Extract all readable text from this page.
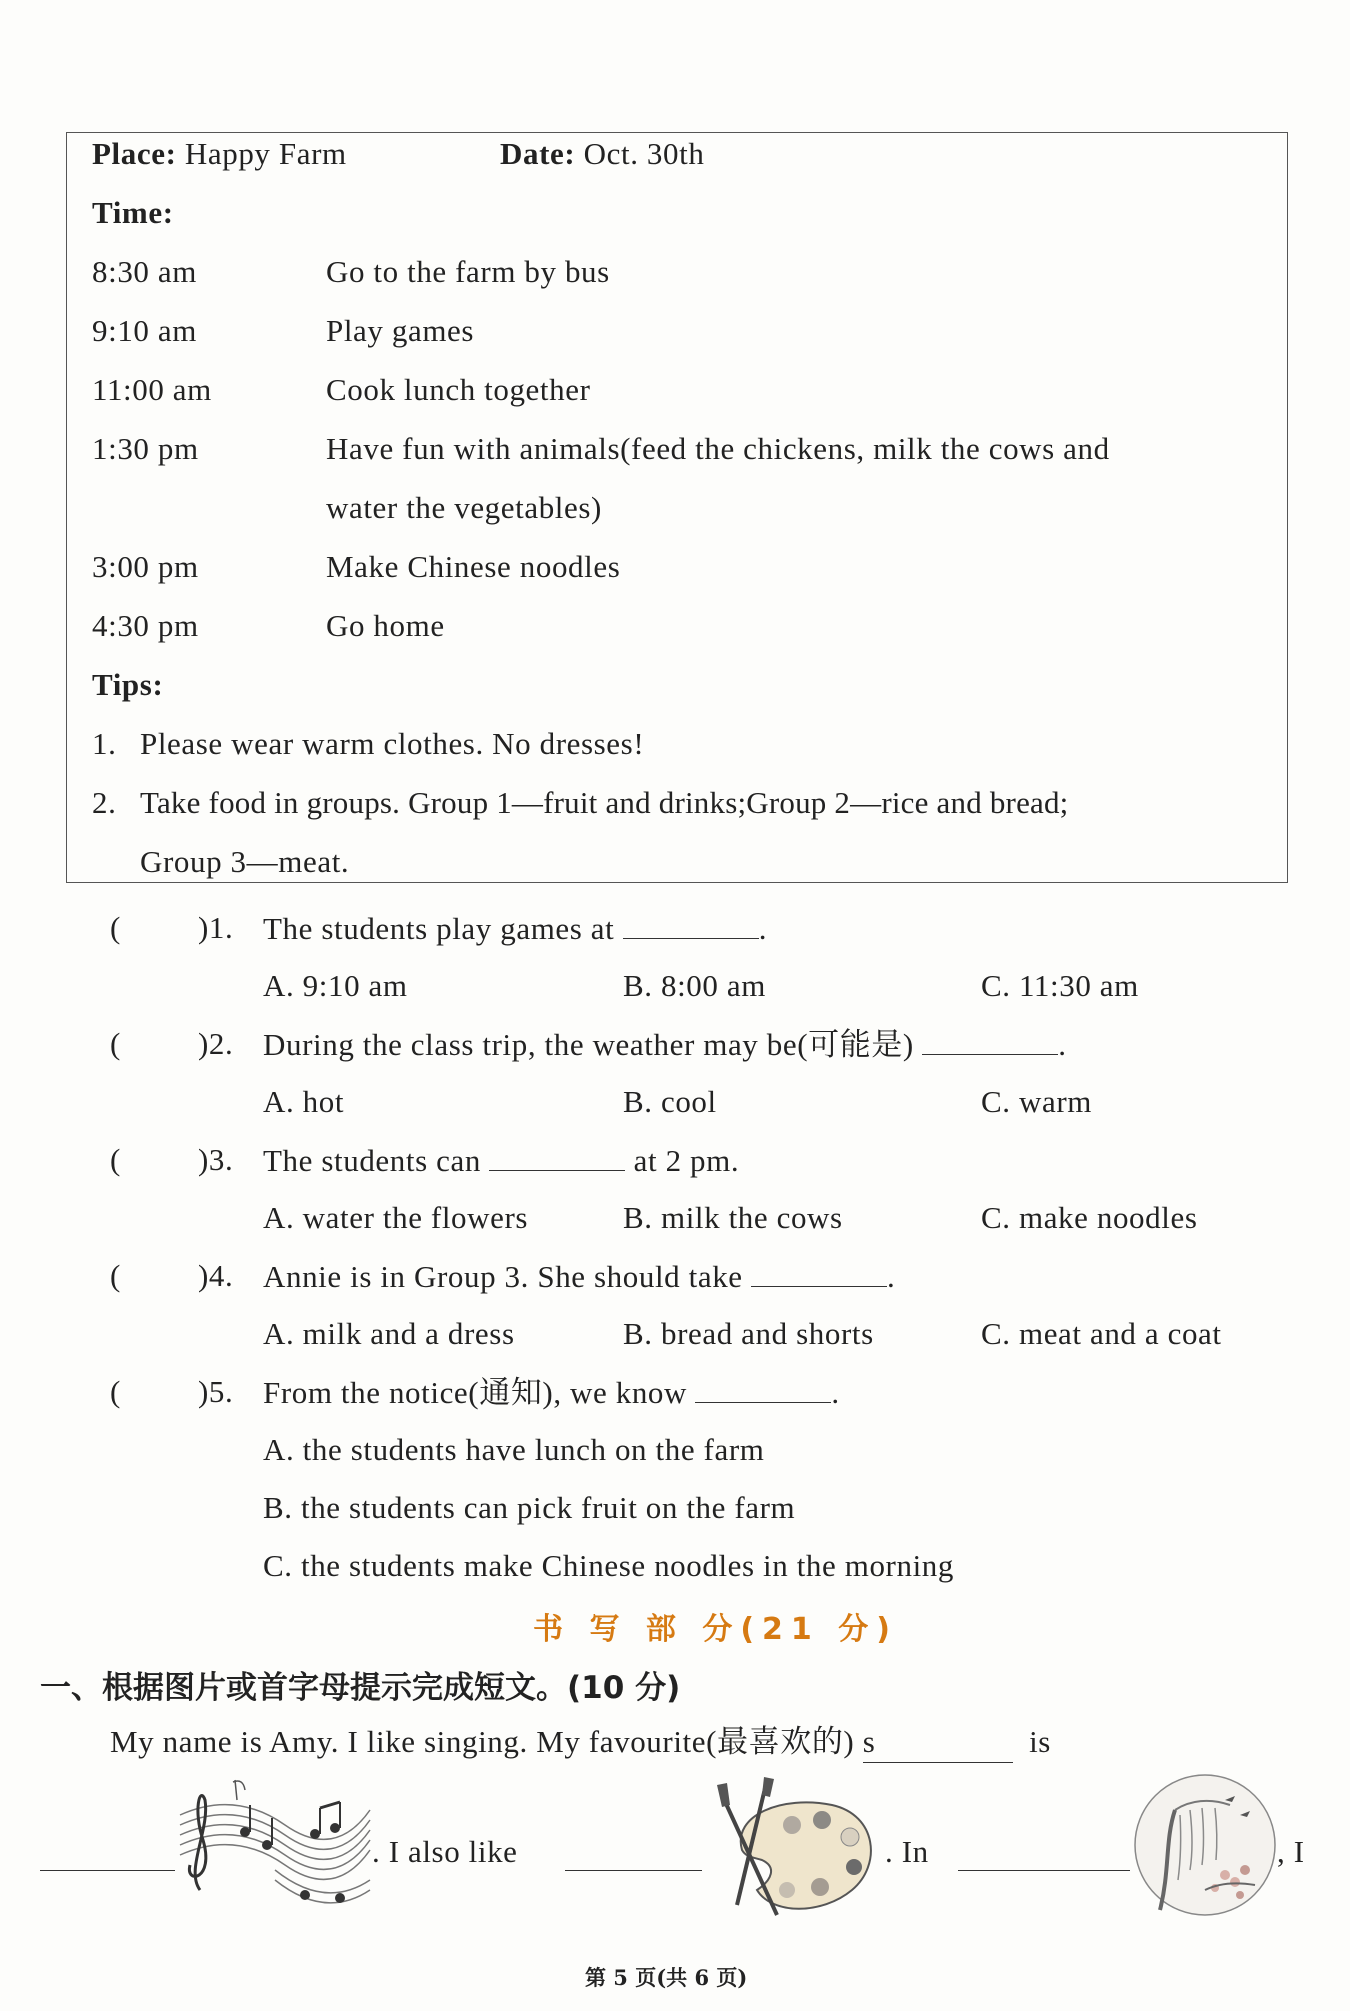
Place: Happy Farm	Date: Oct. 30th
Time:
8:30 am	Go to the farm by bus
9:10 am	Play games
11:00 am	Cook lunch together
1:30 pm	Have fun with animals(feed the chickens, milk the cows and
water the vegetables)
3:00 pm	Make Chinese noodles
4:30 pm	Go home
Tips:
1. Please wear warm clothes. No dresses!
2. Take food in groups. Group 1—fruit and drinks;Group 2—rice and bread;
Group 3—meat.
( )1. The students play games at	.
A. 9:10 am	B. 8:00 am	C. 11:30 am
( )2. During the class trip, the weather may be(可能是)	.
A. hot	B. cool	C. warm
( )3. The students can	at 2 pm.
A. water the flowers	B. milk the cows	C. make noodles
( )4. Annie is in Group 3. She should take	.
A. milk and a dress	B. bread and shorts	C. meat and a coat
( )5. From the notice(通知), we know	.
A. the students have lunch on the farm
B. the students can pick fruit on the farm
C. the students make Chinese noodles in the morning
书 写 部 分(21 分)
一、根据图片或首字母提示完成短文。(10 分)
My name is Amy. I like singing. My favourite(最喜欢的) s	is
. I also like	. In	, I
第 5 页(共 6 页)
